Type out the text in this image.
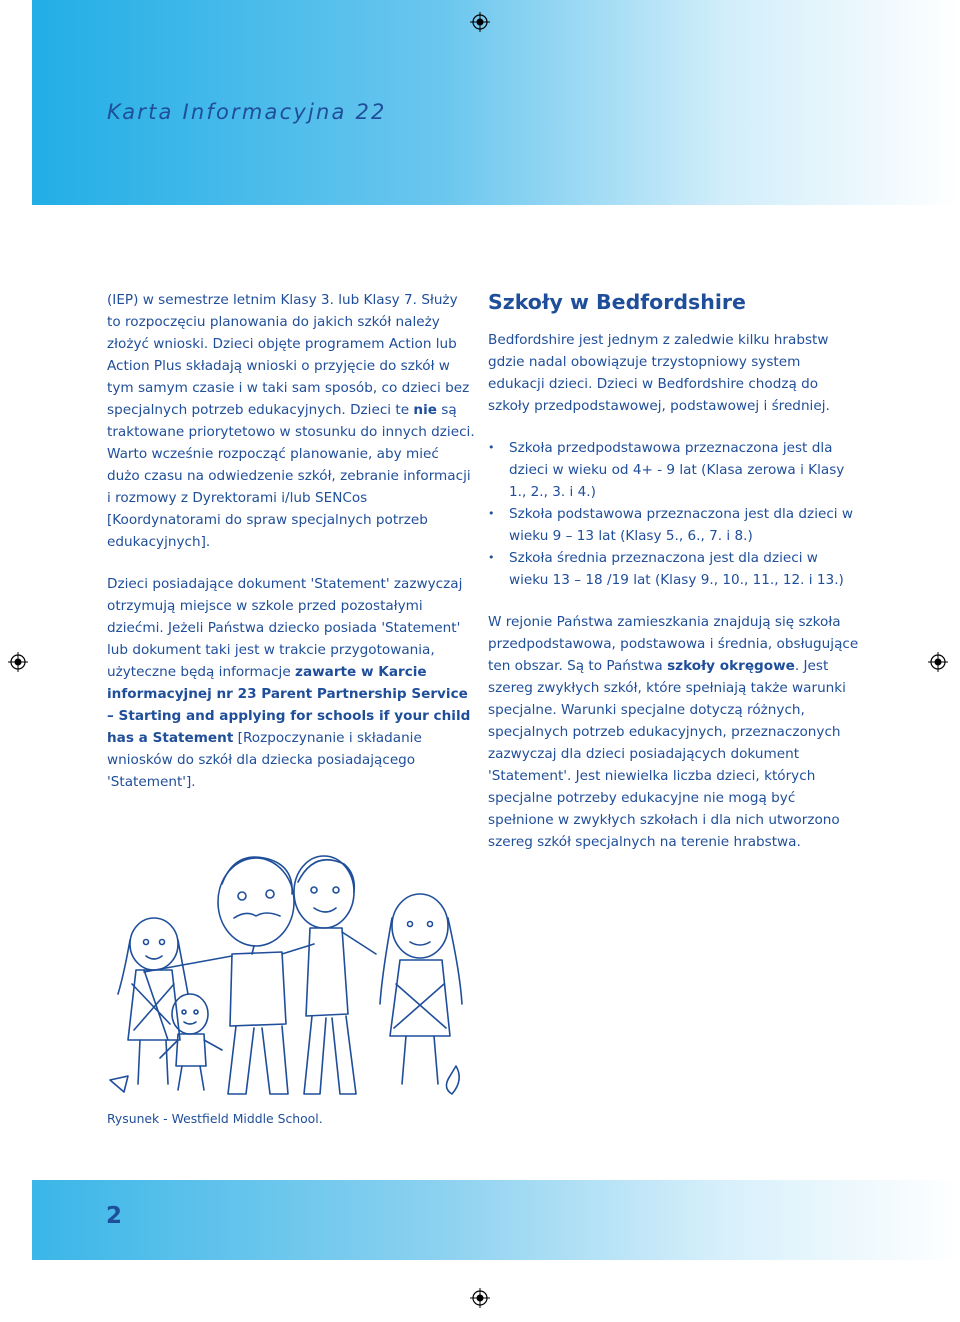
Karta Informacyjna 22

(IEP) w semestrze letnim Klasy 3. lub Klasy 7. Służy to rozpoczęciu planowania do jakich szkół należy złożyć wnioski. Dzieci objęte programem Action lub Action Plus składają wnioski o przyjęcie do szkół w tym samym czasie i w taki sam sposób, co dzieci bez specjalnych potrzeb edukacyjnych. Dzieci te nie są traktowane priorytetowo w stosunku do innych dzieci. Warto wcześnie rozpocząć planowanie, aby mieć dużo czasu na odwiedzenie szkół, zebranie informacji i rozmowy z Dyrektorami i/lub SENCos [Koordynatorami do spraw specjalnych potrzeb edukacyjnych].

Dzieci posiadające dokument 'Statement' zazwyczaj otrzymują miejsce w szkole przed pozostałymi dziećmi. Jeżeli Państwa dziecko posiada 'Statement' lub dokument taki jest w trakcie przygotowania, użyteczne będą informacje zawarte w Karcie informacyjnej nr 23 Parent Partnership Service – Starting and applying for schools if your child has a Statement [Rozpoczynanie i składanie wniosków do szkół dla dziecka posiadającego 'Statement'].

Szkoły w Bedfordshire

Bedfordshire jest jednym z zaledwie kilku hrabstw gdzie nadal obowiązuje trzystopniowy system edukacji dzieci. Dzieci w Bedfordshire chodzą do szkoły przedpodstawowej, podstawowej i średniej.

• Szkoła przedpodstawowa przeznaczona jest dla dzieci w wieku od 4+ - 9 lat (Klasa zerowa i Klasy 1., 2., 3. i 4.)
• Szkoła podstawowa przeznaczona jest dla dzieci w wieku 9 – 13 lat (Klasy 5., 6., 7. i 8.)
• Szkoła średnia przeznaczona jest dla dzieci w wieku 13 – 18 /19 lat (Klasy 9., 10., 11., 12. i 13.)

W rejonie Państwa zamieszkania znajdują się szkoła przedpodstawowa, podstawowa i średnia, obsługujące ten obszar. Są to Państwa szkoły okręgowe. Jest szereg zwykłych szkół, które spełniają także warunki specjalne. Warunki specjalne dotyczą różnych, specjalnych potrzeb edukacyjnych, przeznaczonych zazwyczaj dla dzieci posiadających dokument 'Statement'. Jest niewielka liczba dzieci, których specjalne potrzeby edukacyjne nie mogą być spełnione w zwykłych szkołach i dla nich utworzono szereg szkół specjalnych na terenie hrabstwa.

Rysunek - Westfield Middle School.
2
